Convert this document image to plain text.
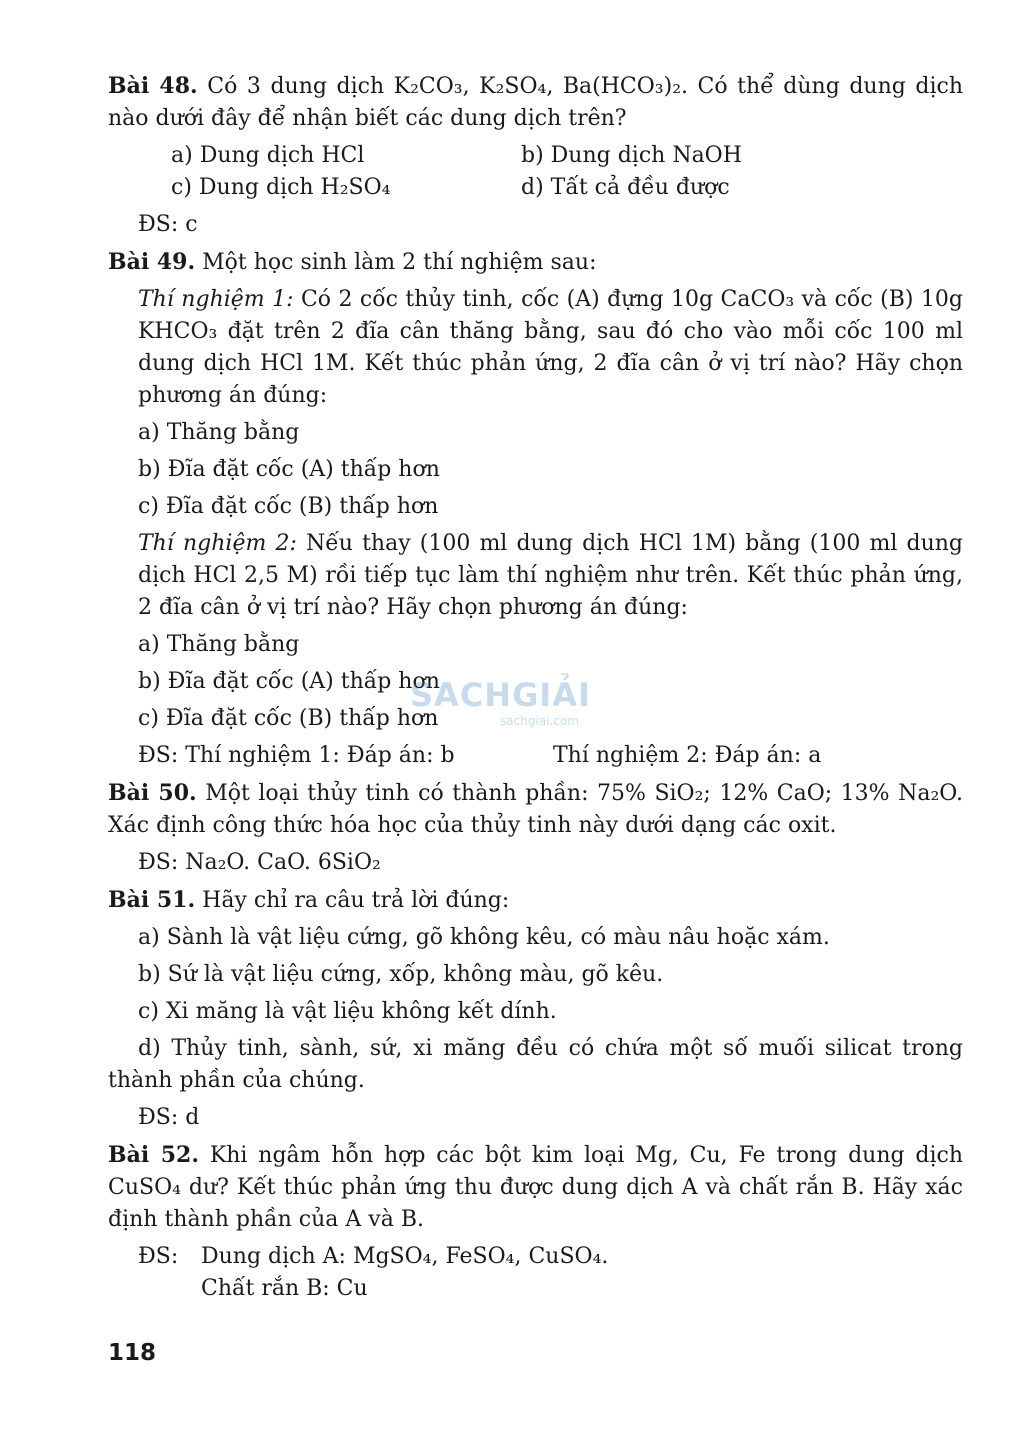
Bài 48. Có 3 dung dịch K₂CO₃, K₂SO₄, Ba(HCO₃)₂. Có thể dùng dung dịch nào dưới đây để nhận biết các dung dịch trên?

a) Dung dịch HCl	b) Dung dịch NaOH
c) Dung dịch H₂SO₄	d) Tất cả đều được

ĐS: c

Bài 49. Một học sinh làm 2 thí nghiệm sau:

Thí nghiệm 1: Có 2 cốc thủy tinh, cốc (A) đựng 10g CaCO₃ và cốc (B) 10g KHCO₃ đặt trên 2 đĩa cân thăng bằng, sau đó cho vào mỗi cốc 100 ml dung dịch HCl 1M. Kết thúc phản ứng, 2 đĩa cân ở vị trí nào? Hãy chọn phương án đúng:

a) Thăng bằng

b) Đĩa đặt cốc (A) thấp hơn

c) Đĩa đặt cốc (B) thấp hơn

Thí nghiệm 2: Nếu thay (100 ml dung dịch HCl 1M) bằng (100 ml dung dịch HCl 2,5 M) rồi tiếp tục làm thí nghiệm như trên. Kết thúc phản ứng, 2 đĩa cân ở vị trí nào? Hãy chọn phương án đúng:

a) Thăng bằng

b) Đĩa đặt cốc (A) thấp hơn

c) Đĩa đặt cốc (B) thấp hơn

ĐS: Thí nghiệm 1: Đáp án: b	Thí nghiệm 2: Đáp án: a

Bài 50. Một loại thủy tinh có thành phần: 75% SiO₂; 12% CaO; 13% Na₂O. Xác định công thức hóa học của thủy tinh này dưới dạng các oxit.

ĐS: Na₂O. CaO. 6SiO₂

Bài 51. Hãy chỉ ra câu trả lời đúng:

a) Sành là vật liệu cứng, gõ không kêu, có màu nâu hoặc xám.

b) Sứ là vật liệu cứng, xốp, không màu, gõ kêu.

c) Xi măng là vật liệu không kết dính.

d) Thủy tinh, sành, sứ, xi măng đều có chứa một số muối silicat trong thành phần của chúng.

ĐS: d

Bài 52. Khi ngâm hỗn hợp các bột kim loại Mg, Cu, Fe trong dung dịch CuSO₄ dư? Kết thúc phản ứng thu được dung dịch A và chất rắn B. Hãy xác định thành phần của A và B.

ĐS:	Dung dịch A: MgSO₄, FeSO₄, CuSO₄.
Chất rắn B: Cu
SACHGIẢI
sachgiai.com
118
